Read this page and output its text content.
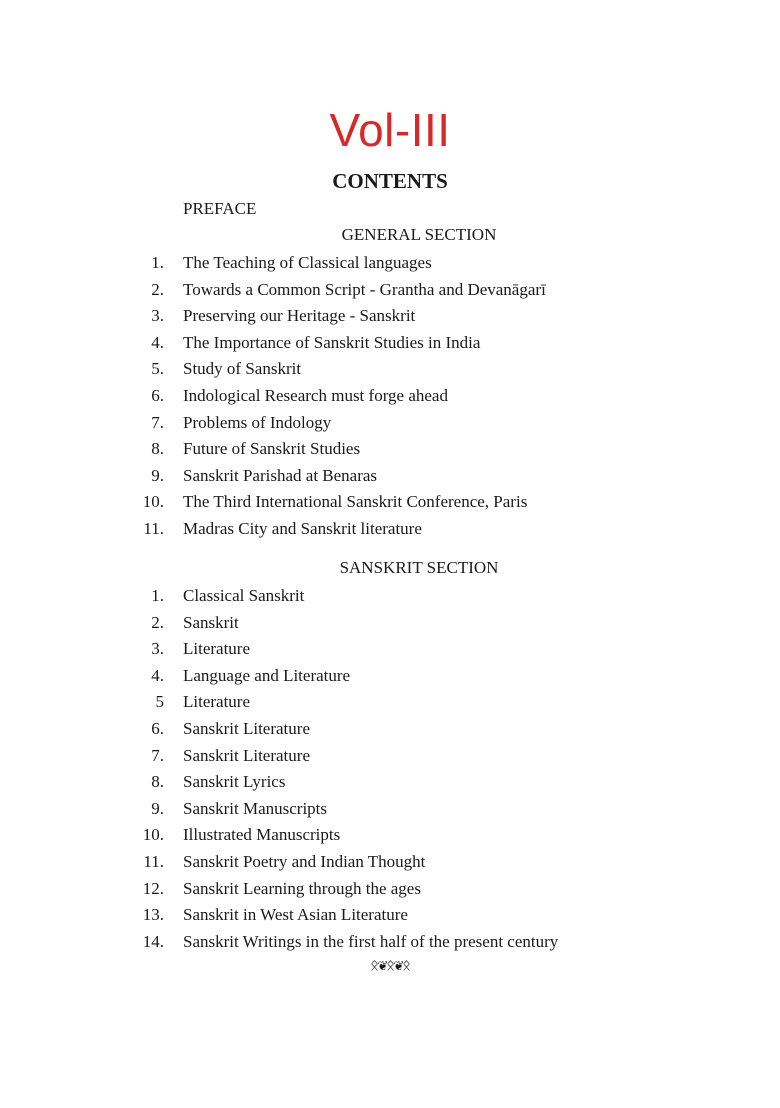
Vol-III
CONTENTS
PREFACE
GENERAL SECTION
1. The Teaching of Classical languages
2. Towards a Common Script - Grantha and Devanāgarī
3. Preserving our Heritage - Sanskrit
4. The Importance of Sanskrit Studies in India
5. Study of Sanskrit
6. Indological Research must forge ahead
7. Problems of Indology
8. Future of Sanskrit Studies
9. Sanskrit Parishad at Benaras
10. The Third International Sanskrit Conference, Paris
11. Madras City and Sanskrit literature
SANSKRIT SECTION
1. Classical Sanskrit
2. Sanskrit
3. Literature
4. Language and Literature
5 Literature
6. Sanskrit Literature
7. Sanskrit Literature
8. Sanskrit Lyrics
9. Sanskrit Manuscripts
10. Illustrated Manuscripts
11. Sanskrit Poetry and Indian Thought
12. Sanskrit Learning through the ages
13. Sanskrit in West Asian Literature
14. Sanskrit Writings in the first half of the present century
ᛟ❦ᛟ❦ᛟ
